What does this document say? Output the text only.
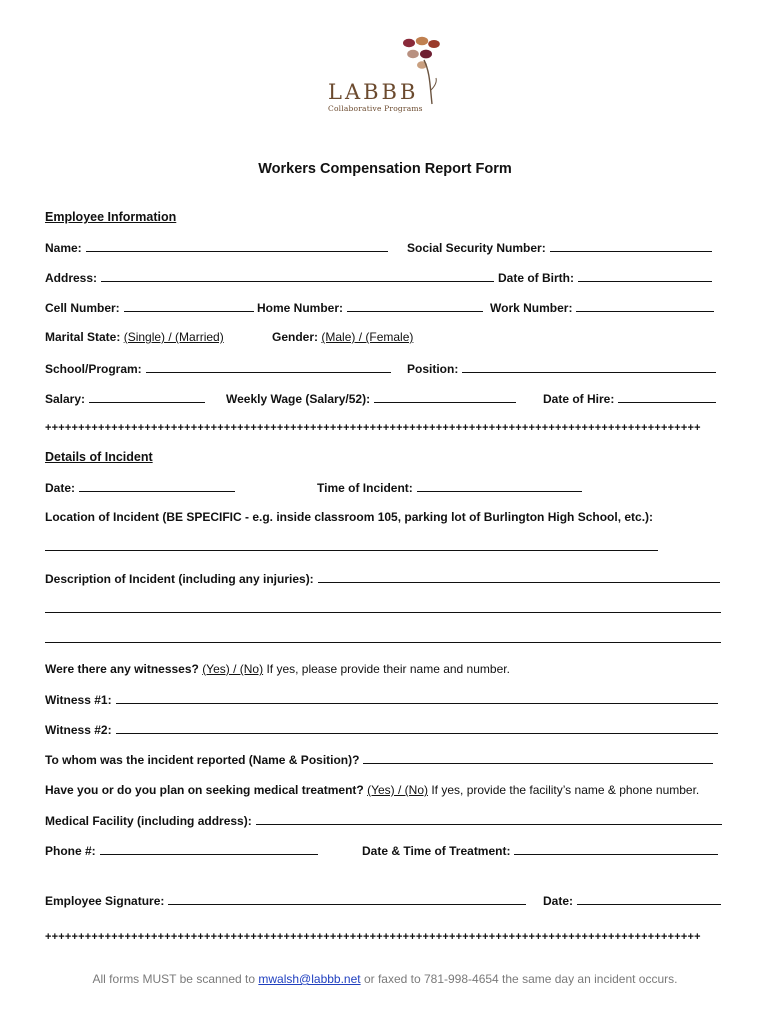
LABBB
Collaborative Programs
Workers Compensation Report Form
Employee Information
Name:	Social Security Number:
Address:	Date of Birth:
Cell Number:	Home Number:	Work Number:
Marital State: (Single) / (Married)	Gender: (Male) / (Female)
School/Program:	Position:
Salary:	Weekly Wage (Salary/52):	Date of Hire:
+++++++++++++++++++++++++++++++++++++++++++++++++++++++++++++++++++++++++++++++++++++++++++++++++++
Details of Incident
Date:	Time of Incident:
Location of Incident (BE SPECIFIC - e.g. inside classroom 105, parking lot of Burlington High School, etc.):
Description of Incident (including any injuries):
Were there any witnesses? (Yes) / (No) If yes, please provide their name and number.
Witness #1:
Witness #2:
To whom was the incident reported (Name & Position)?
Have you or do you plan on seeking medical treatment? (Yes) / (No) If yes, provide the facility’s name & phone number.
Medical Facility (including address):
Phone #:	Date & Time of Treatment:
Employee Signature:	Date:
+++++++++++++++++++++++++++++++++++++++++++++++++++++++++++++++++++++++++++++++++++++++++++++++++++
All forms MUST be scanned to mwalsh@labbb.net or faxed to 781-998-4654 the same day an incident occurs.
